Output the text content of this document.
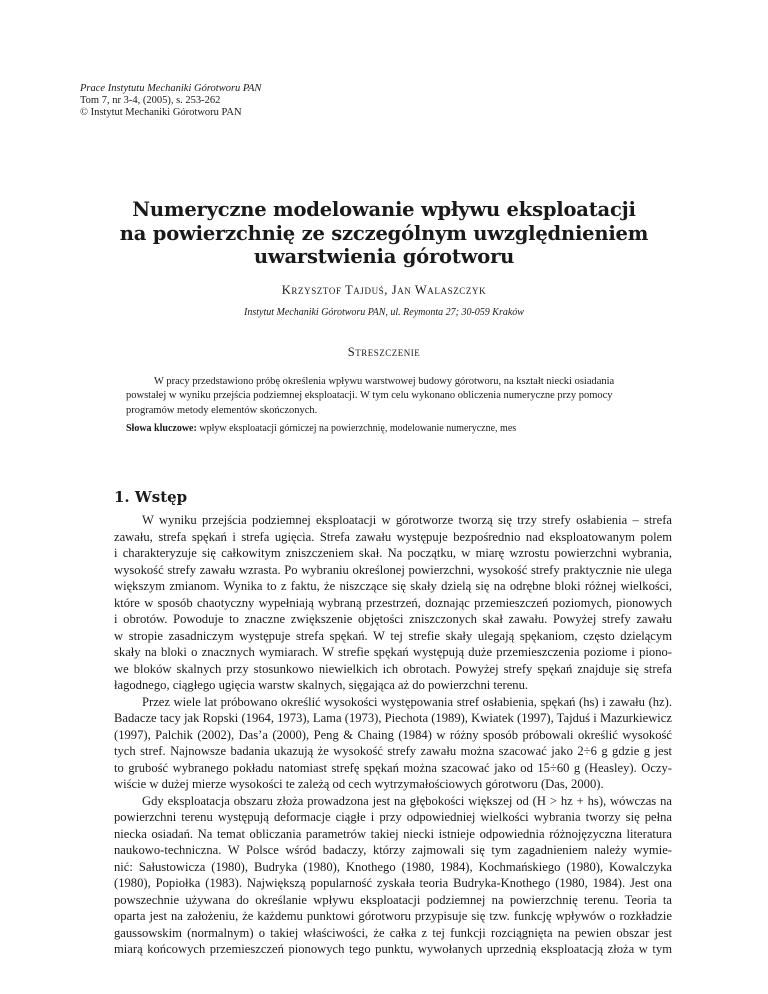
Prace Instytutu Mechaniki Górotworu PAN
Tom 7, nr 3-4, (2005), s. 253-262
© Instytut Mechaniki Górotworu PAN
Numeryczne modelowanie wpływu eksploatacji
na powierzchnię ze szczególnym uwzględnieniem
uwarstwienia górotworu
Krzysztof Tajduś, Jan Walaszczyk
Instytut Mechaniki Górotworu PAN, ul. Reymonta 27; 30-059 Kraków
Streszczenie
W pracy przedstawiono próbę określenia wpływu warstwowej budowy górotworu, na kształt niecki osiadania
powstałej w wyniku przejścia podziemnej eksploatacji. W tym celu wykonano obliczenia numeryczne przy pomocy
programów metody elementów skończonych.
Słowa kluczowe: wpływ eksploatacji górniczej na powierzchnię, modelowanie numeryczne, mes
1. Wstęp
W wyniku przejścia podziemnej eksploatacji w górotworze tworzą się trzy strefy osłabienia – strefa
zawału, strefa spękań i strefa ugięcia. Strefa zawału występuje bezpośrednio nad eksploatowanym polem
i charakteryzuje się całkowitym zniszczeniem skał. Na początku, w miarę wzrostu powierzchni wybrania,
wysokość strefy zawału wzrasta. Po wybraniu określonej powierzchni, wysokość strefy praktycznie nie ulega
większym zmianom. Wynika to z faktu, że niszczące się skały dzielą się na odrębne bloki różnej wielkości,
które w sposób chaotyczny wypełniają wybraną przestrzeń, doznając przemieszczeń poziomych, pionowych
i obrotów. Powoduje to znaczne zwiększenie objętości zniszczonych skał zawału. Powyżej strefy zawału
w stropie zasadniczym występuje strefa spękań. W tej strefie skały ulegają spękaniom, często dzielącym
skały na bloki o znacznych wymiarach. W strefie spękań występują duże przemieszczenia poziome i piono-
we bloków skalnych przy stosunkowo niewielkich ich obrotach. Powyżej strefy spękań znajduje się strefa
łagodnego, ciągłego ugięcia warstw skalnych, sięgająca aż do powierzchni terenu.
Przez wiele lat próbowano określić wysokości występowania stref osłabienia, spękań (hs) i zawału (hz).
Badacze tacy jak Ropski (1964, 1973), Lama (1973), Piechota (1989), Kwiatek (1997), Tajduś i Mazurkiewicz
(1997), Palchik (2002), Das’a (2000), Peng & Chaing (1984) w różny sposób próbowali określić wysokość
tych stref. Najnowsze badania ukazują że wysokość strefy zawału można szacować jako 2÷6 g gdzie g jest
to grubość wybranego pokładu natomiast strefę spękań można szacować jako od 15÷60 g (Heasley). Oczy-
wiście w dużej mierze wysokości te zależą od cech wytrzymałościowych górotworu (Das, 2000).
Gdy eksploatacja obszaru złoża prowadzona jest na głębokości większej od (H > hz + hs), wówczas na
powierzchni terenu występują deformacje ciągłe i przy odpowiedniej wielkości wybrania tworzy się pełna
niecka osiadań. Na temat obliczania parametrów takiej niecki istnieje odpowiednia różnojęzyczna literatura
naukowo-techniczna. W Polsce wśród badaczy, którzy zajmowali się tym zagadnieniem należy wymie-
nić: Sałustowicza (1980), Budryka (1980), Knothego (1980, 1984), Kochmańskiego (1980), Kowalczyka
(1980), Popiołka (1983). Największą popularność zyskała teoria Budryka-Knothego (1980, 1984). Jest ona
powszechnie używana do określanie wpływu eksploatacji podziemnej na powierzchnię terenu. Teoria ta
oparta jest na założeniu, że każdemu punktowi górotworu przypisuje się tzw. funkcję wpływów o rozkładzie
gaussowskim (normalnym) o takiej właściwości, że całka z tej funkcji rozciągnięta na pewien obszar jest
miarą końcowych przemieszczeń pionowych tego punktu, wywołanych uprzednią eksploatacją złoża w tym
